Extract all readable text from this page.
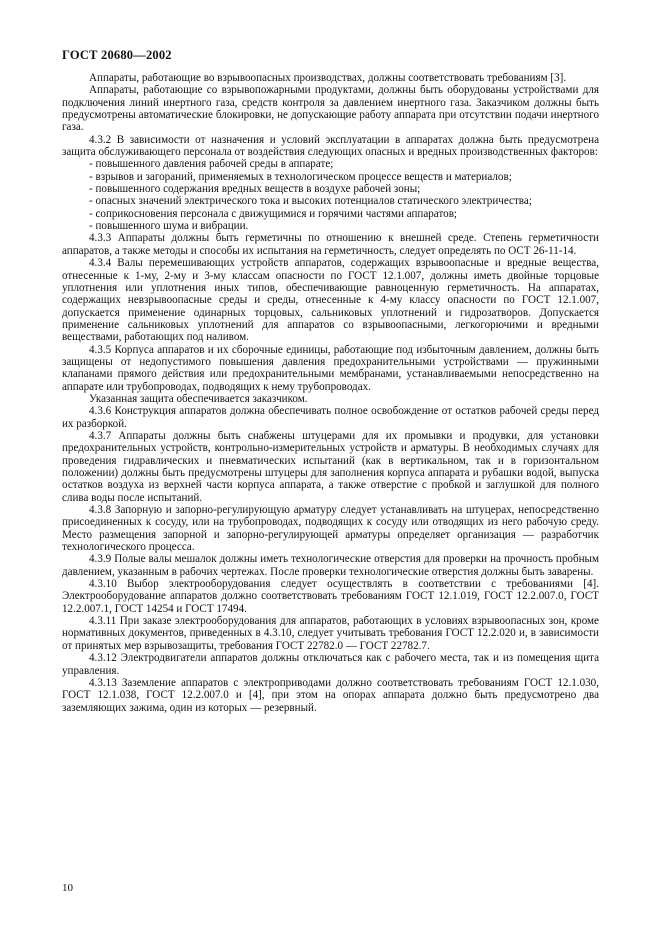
ГОСТ 20680—2002

Аппараты, работающие во взрывоопасных производствах, должны соответствовать требованиям [3].

Аппараты, работающие со взрывопожарными продуктами, должны быть оборудованы устройствами для подключения линий инертного газа, средств контроля за давлением инертного газа. Заказчиком должны быть предусмотрены автоматические блокировки, не допускающие работу аппарата при отсутствии подачи инертного газа.

4.3.2 В зависимости от назначения и условий эксплуатации в аппаратах должна быть предусмотрена защита обслуживающего персонала от воздействия следующих опасных и вредных производственных факторов:

- повышенного давления рабочей среды в аппарате;

- взрывов и загораний, применяемых в технологическом процессе веществ и материалов;

- повышенного содержания вредных веществ в воздухе рабочей зоны;

- опасных значений электрического тока и высоких потенциалов статического электричества;

- соприкосновения персонала с движущимися и горячими частями аппаратов;

- повышенного шума и вибрации.

4.3.3 Аппараты должны быть герметичны по отношению к внешней среде. Степень герметичности аппаратов, а также методы и способы их испытания на герметичность, следует определять по ОСТ 26-11-14.

4.3.4 Валы перемешивающих устройств аппаратов, содержащих взрывоопасные и вредные вещества, отнесенные к 1-му, 2-му и 3-му классам опасности по ГОСТ 12.1.007, должны иметь двойные торцовые уплотнения или уплотнения иных типов, обеспечивающие равноценную герметичность. На аппаратах, содержащих невзрывоопасные среды и среды, отнесенные к 4-му классу опасности по ГОСТ 12.1.007, допускается применение одинарных торцовых, сальниковых уплотнений и гидрозатворов. Допускается применение сальниковых уплотнений для аппаратов со взрывоопасными, легкогорючими и вредными веществами, работающих под наливом.

4.3.5 Корпуса аппаратов и их сборочные единицы, работающие под избыточным давлением, должны быть защищены от недопустимого повышения давления предохранительными устройствами — пружинными клапанами прямого действия или предохранительными мембранами, устанавливаемыми непосредственно на аппарате или трубопроводах, подводящих к нему трубопроводах.

Указанная защита обеспечивается заказчиком.

4.3.6 Конструкция аппаратов должна обеспечивать полное освобождение от остатков рабочей среды перед их разборкой.

4.3.7 Аппараты должны быть снабжены штуцерами для их промывки и продувки, для установки предохранительных устройств, контрольно-измерительных устройств и арматуры. В необходимых случаях для проведения гидравлических и пневматических испытаний (как в вертикальном, так и в горизонтальном положении) должны быть предусмотрены штуцеры для заполнения корпуса аппарата и рубашки водой, выпуска остатков воздуха из верхней части корпуса аппарата, а также отверстие с пробкой и заглушкой для полного слива воды после испытаний.

4.3.8 Запорную и запорно-регулирующую арматуру следует устанавливать на штуцерах, непосредственно присоединенных к сосуду, или на трубопроводах, подводящих к сосуду или отводящих из него рабочую среду. Место размещения запорной и запорно-регулирующей арматуры определяет организация — разработчик технологического процесса.

4.3.9 Полые валы мешалок должны иметь технологические отверстия для проверки на прочность пробным давлением, указанным в рабочих чертежах. После проверки технологические отверстия должны быть заварены.

4.3.10 Выбор электрооборудования следует осуществлять в соответствии с требованиями [4]. Электрооборудование аппаратов должно соответствовать требованиям ГОСТ 12.1.019, ГОСТ 12.2.007.0, ГОСТ 12.2.007.1, ГОСТ 14254 и ГОСТ 17494.

4.3.11 При заказе электрооборудования для аппаратов, работающих в условиях взрывоопасных зон, кроме нормативных документов, приведенных в 4.3.10, следует учитывать требования ГОСТ 12.2.020 и, в зависимости от принятых мер взрывозащиты, требования ГОСТ 22782.0 — ГОСТ 22782.7.

4.3.12 Электродвигатели аппаратов должны отключаться как с рабочего места, так и из помещения щита управления.

4.3.13 Заземление аппаратов с электроприводами должно соответствовать требованиям ГОСТ 12.1.030, ГОСТ 12.1.038, ГОСТ 12.2.007.0 и [4], при этом на опорах аппарата должно быть предусмотрено два заземляющих зажима, один из которых — резервный.

10
